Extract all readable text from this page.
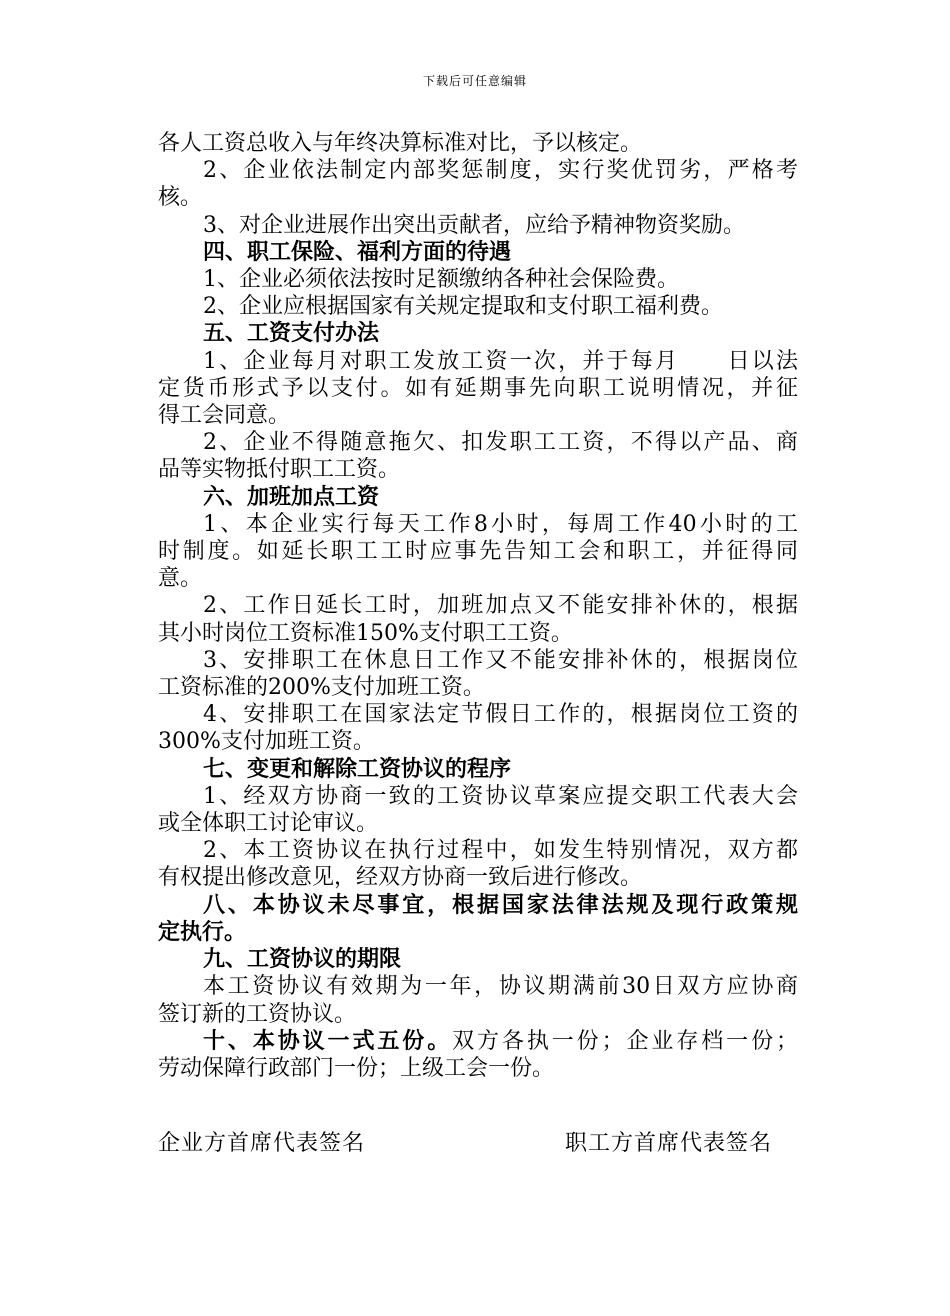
下载后可任意编辑

各人工资总收入与年终决算标准对比，予以核定。

2、企业依法制定内部奖惩制度，实行奖优罚劣，严格考

核。

3、对企业进展作出突出贡献者，应给予精神物资奖励。

四、职工保险、福利方面的待遇

1、企业必须依法按时足额缴纳各种社会保险费。

2、企业应根据国家有关规定提取和支付职工福利费。

五、工资支付办法

1、企业每月对职工发放工资一次，并于每月　　日以法

定货币形式予以支付。如有延期事先向职工说明情况，并征

得工会同意。

2、企业不得随意拖欠、扣发职工工资，不得以产品、商

品等实物抵付职工工资。

六、加班加点工资

1、本企业实行每天工作8小时，每周工作40小时的工

时制度。如延长职工工时应事先告知工会和职工，并征得同

意。

2、工作日延长工时，加班加点又不能安排补休的，根据

其小时岗位工资标准150%支付职工工资。

3、安排职工在休息日工作又不能安排补休的，根据岗位

工资标准的200%支付加班工资。

4、安排职工在国家法定节假日工作的，根据岗位工资的

300%支付加班工资。

七、变更和解除工资协议的程序

1、经双方协商一致的工资协议草案应提交职工代表大会

或全体职工讨论审议。

2、本工资协议在执行过程中，如发生特别情况，双方都

有权提出修改意见，经双方协商一致后进行修改。

八、本协议未尽事宜，根据国家法律法规及现行政策规

定执行。

九、工资协议的期限

本工资协议有效期为一年，协议期满前30日双方应协商

签订新的工资协议。

十、本协议一式五份。双方各执一份；企业存档一份；

劳动保障行政部门一份；上级工会一份。

企业方首席代表签名	职工方首席代表签名
